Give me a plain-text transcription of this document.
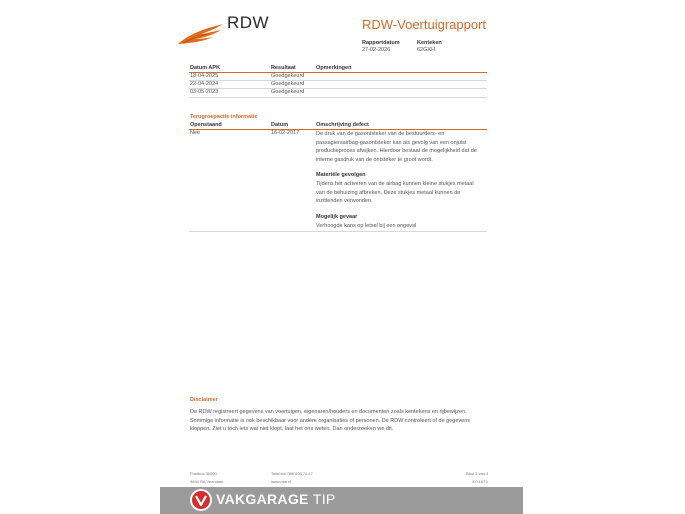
RDW	RDW-Voertuigrapport
Rapportdatum
27-02-2026
Kenteken
62GXH
Datum APK	Resultaat	Opmerkingen
18-04-2025	Goedgekeurd
22-04-2024	Goedgekeurd
03-05-2023	Goedgekeurd
Terugroepactie informatie
Openstaand	Datum	Omschrijving defect
Nee	16-02-2017	De druk van de gasontsteker van de bestuurders- en
passagiersairbag-gasontsteker kan als gevolg van een onjuist
productieproces afwijken. Hierdoor bestaat de mogelijkheid dat de
interne gasdruk van de ontsteker te groot wordt.
Materiële gevolgen
Tijdens het activeren van de airbag kunnen kleine stukjes metaal
van de behuizing afbreken. Deze stukjes metaal kunnen de
inzittenden verwonden.
Mogelijk gevaar
Verhoogde kans op letsel bij een ongeval
Disclaimer
De RDW registreert gegevens van voertuigen, eigenaren/houders en documenten zoals kentekens en rijbewijzen.
Sommige informatie is ook beschikbaar voor andere organisaties of personen. De RDW controleert of de gegevens
kloppen. Ziet u toch iets wat niet klopt, laat het ons weten. Dan onderzoeken we dit.
Postbus 30000
9640 RA Veendam
Telefoon 088 008 74 47
www.rdw.nl
Blad 3 van 3
3.0.1679
VAKGARAGE TIP
